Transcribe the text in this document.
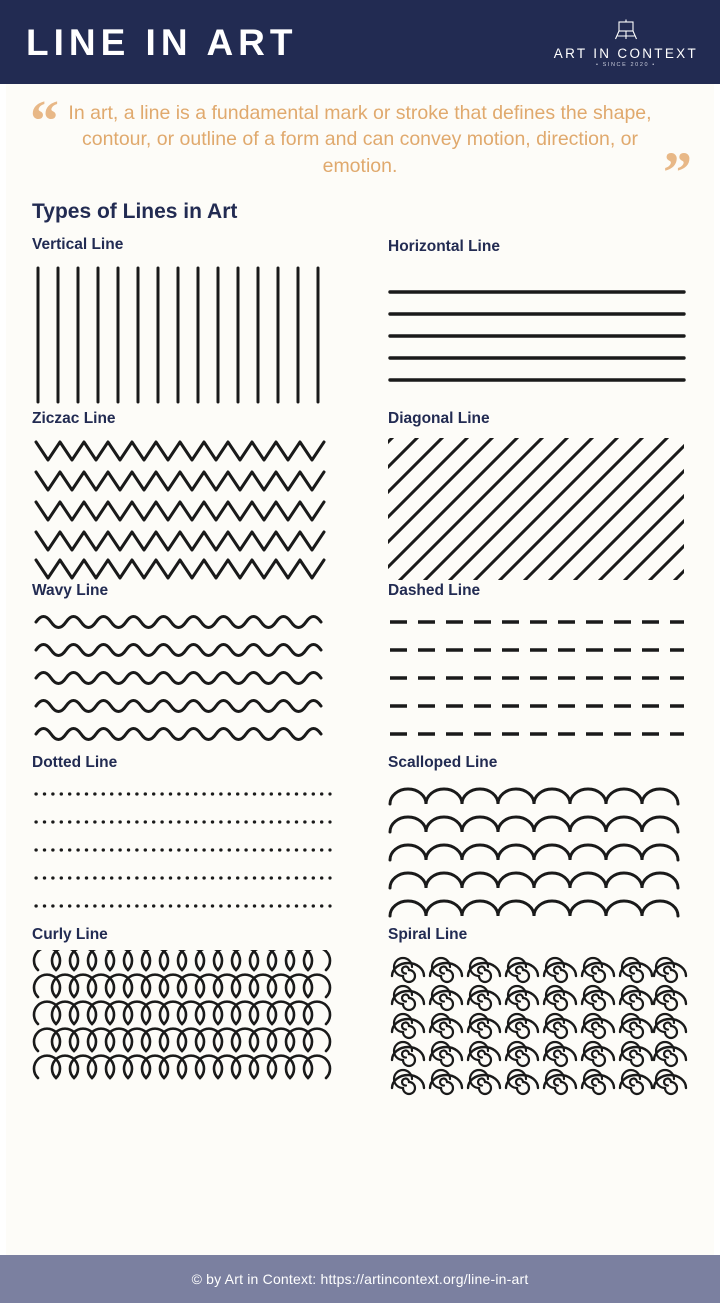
LINE IN ART	ART IN CONTEXT
• SINCE 2020 •
“ In art, a line is a fundamental mark or stroke that defines the shape, contour, or outline of a form and can convey motion, direction, or emotion.	”
Types of Lines in Art
Vertical Line	Horizontal Line
Ziczac Line	Diagonal Line
Wavy Line	Dashed Line
Dotted Line	Scalloped Line
Curly Line	Spiral Line
© by Art in Context: https://artincontext.org/line-in-art
